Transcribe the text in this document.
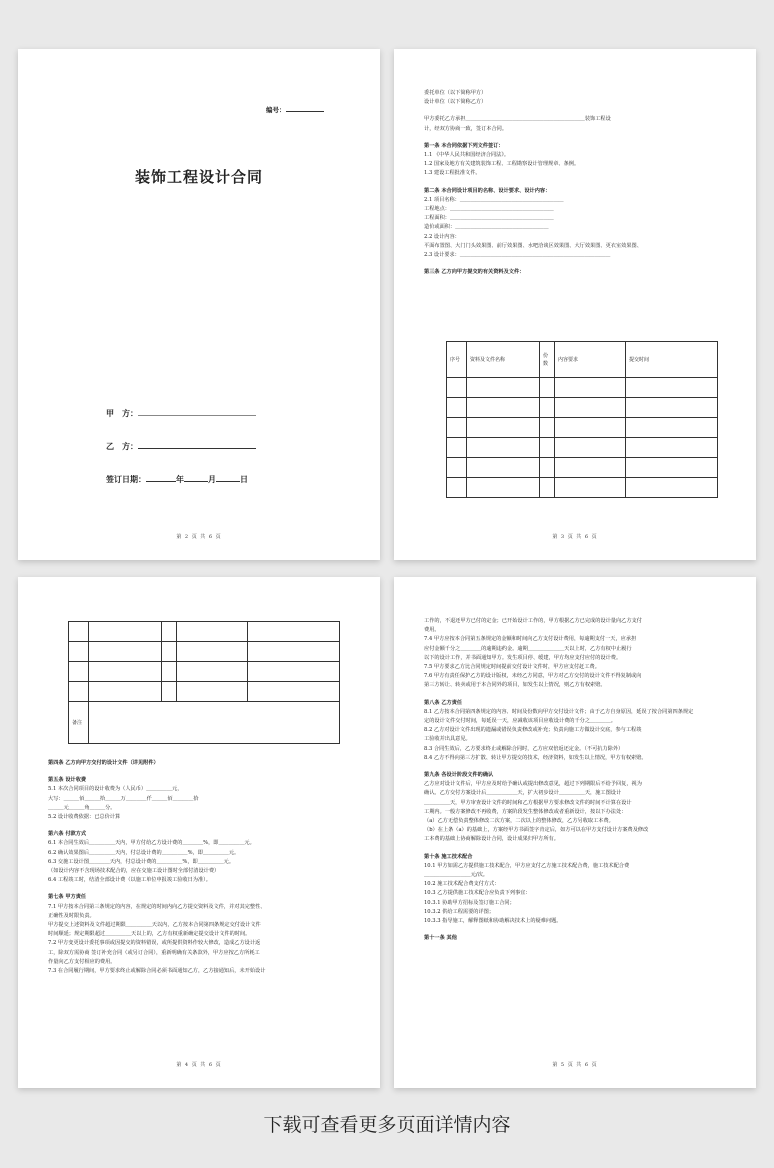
编号：
装饰工程设计合同
甲　方：
乙　方：
签订日期：	年	月	日
第 2 页 共 6 页
委托单位（以下简称甲方）
设计单位（以下简称乙方）
甲方委托乙方承担＿＿＿＿＿＿＿＿＿＿＿＿＿＿＿＿＿＿＿＿＿＿＿装饰工程设
计，经双方协商一致，签订本合同。
第一条 本合同依据下列文件签订：
1.1 《中华人民共和国经济合同法》。
1.2 国家及地方有关建筑装饰工程、工程勘察设计管理规章、条例。
1.3 建设工程批准文件。
第二条 本合同设计项目的名称、设计要求、设计内容：
2.1 项目名称：＿＿＿＿＿＿＿＿＿＿＿＿＿＿＿＿＿＿＿＿
工程地点：＿＿＿＿＿＿＿＿＿＿＿＿＿＿＿＿＿＿＿＿
工程面积：＿＿＿＿＿＿＿＿＿＿＿＿＿＿＿＿＿＿＿＿
造价或面积：＿＿＿＿＿＿＿＿＿＿＿＿＿＿＿＿＿＿
2.2 设计内容：
平面布置图、大门门头效果图、前厅效果图、水吧洽谈区效果图、大厅效果图、更衣室效果图、
2.3 设计要求：＿＿＿＿＿＿＿＿＿＿＿＿＿＿＿＿＿＿＿＿＿＿＿＿＿＿＿＿＿
第三条 乙方向甲方提交的有关资料及文件：
序号	资料及文件名称	份数	内容要求	提交时间

第 3 页 共 6 页

备注				
第四条 乙方向甲方交付的设计文件（详见附件）
第五条 设计收费
5.1 本次合同项目的设计收费为（人民币）＿＿＿＿＿元，
大写：＿＿＿佰＿＿＿拾＿＿＿万＿＿＿＿仟＿＿＿佰＿＿＿＿拾
＿＿＿元＿＿＿角＿＿＿分。
5.2 设计收费依据：已总价计算
第六条 付款方式
6.1 本合同生效后＿＿＿＿＿天内，甲方付给乙方设计费的＿＿＿＿%，即＿＿＿＿＿元。
6.2 确认效果图后＿＿＿＿＿天内，付总设计费的＿＿＿＿＿%，即＿＿＿＿＿元。
6.3 交施工设计图＿＿＿＿天内，付总设计费的＿＿＿＿＿%，即＿＿＿＿＿元。
（如设计内容不含现场技术配合的，应在交施工设计图时全部付清设计费）
6.4 工程竣工时，结清全部设计费（以施工单位申报竣工验收日为准）。
第七条 甲方责任
7.1 甲方按本合同第三条规定的内容，在规定的时间内向乙方提交资料及文件，并对其完整性、
正确性及时限负责。
甲方提交上述资料及文件超过期限＿＿＿＿＿天以内，乙方按本合同第四条规定交付设计文件
时间顺延；规定期限超过＿＿＿＿＿天以上的，乙方有权重新确定提交设计文件的时间。
7.2 甲方变更设计委托事项或因提交的资料错误，或所提供资料作较大修改，造成乙方设计返
工，除双方需协商 签订补充合同（或另订合同），重新明确有关条款外，甲方应按乙方所耗工
作量向乙方支付相应的费用。
7.3 在合同履行期间，甲方要求终止或解除合同必须书面通知乙方，乙方接通知后，未开始设计
第 4 页 共 6 页
工作的，不退还甲方已付的定金；已开始设计工作的，甲方根据乙方已完成的设计量向乙方支付
费用。
7.4 甲方应按本合同第五条规定的金额和时间向乙方支付设计费用，每逾期支付一天，应承担
应付金额千分之＿＿＿＿的逾期违约金。逾期＿＿＿＿＿＿＿天以上时，乙方有权中止履行
以下的设计工作，并书面通知甲方。发生项目停、缓建，甲方均应支付应付的设计费。
7.5 甲方要求乙方比合同规定时间提前交付设计文件时，甲方应支付赶工费。
7.6 甲方有责任保护乙方的设计版权，未经乙方同意，甲方对乙方交付的设计文件不得复制或向
第三方转让、转卖或用于本合同外的项目，如发生以上情况，则乙方有权索赔。
第八条 乙方责任
8.1 乙方按本合同第四条规定的内容、时间及份数向甲方交付设计文件；由于乙方自身原因，延误了按合同第四条规定
定的设计文件交付时间，每延误一天，应减收该项目应收设计费的千分之＿＿＿＿。
8.2 乙方对设计文件出现的遗漏或错误负责修改或补充；负责向施工方做设计交底，参与工程竣
工验收并出具意见。
8.3 合同生效后，乙方要求终止或解除合同时，乙方应双倍返还定金。（不可抗力除外）
8.4 乙方不得向第三方扩散、转让甲方提交的技术，经济资料，如发生以上情况，甲方有权索赔。
第九条 各设计阶段文件的确认
乙方应对设计文件后，甲方应及时给予确认或提出修改意见，超过下列期限后不给予回复，视为
确认。乙方交付方案设计后＿＿＿＿＿＿天，扩大初步设计＿＿＿＿＿天，施工图设计
＿＿＿＿＿天，甲方审查设计文件的时间和乙方根据甲方要求修改文件的时间不计算在设计
工期内。一般方案修改不再收费，方案阶段发生整体修改或者重新设计，按以下办法处：
（a）乙方无偿负责整体修改二次方案，二次以上的整体修改，乙方另收取工本费。
（b）在上条（a）的基础上，方案经甲方书面签字肯定后，如方可以在甲方支付设计方案费及修改
工本费的基础上协商解除设计合同，设计成果归甲方所有。
第十条 施工技术配合
10.1 甲方如需乙方提供施工技术配合，甲方应支付乙方施工技术配合费，施工技术配合费
＿＿＿＿＿＿＿＿＿元/次。
10.2 施工技术配合费支付方式：
10.3 乙方提供施工技术配合应负责下列事宜：
10.3.1 协助甲方招标及签订施工合同；
10.3.2 供给工程需要的详图；
10.3.3 指导施工，解释图纸和协助解决技术上的疑难问题。
第十一条 其他
第 5 页 共 6 页
下载可查看更多页面详情内容
